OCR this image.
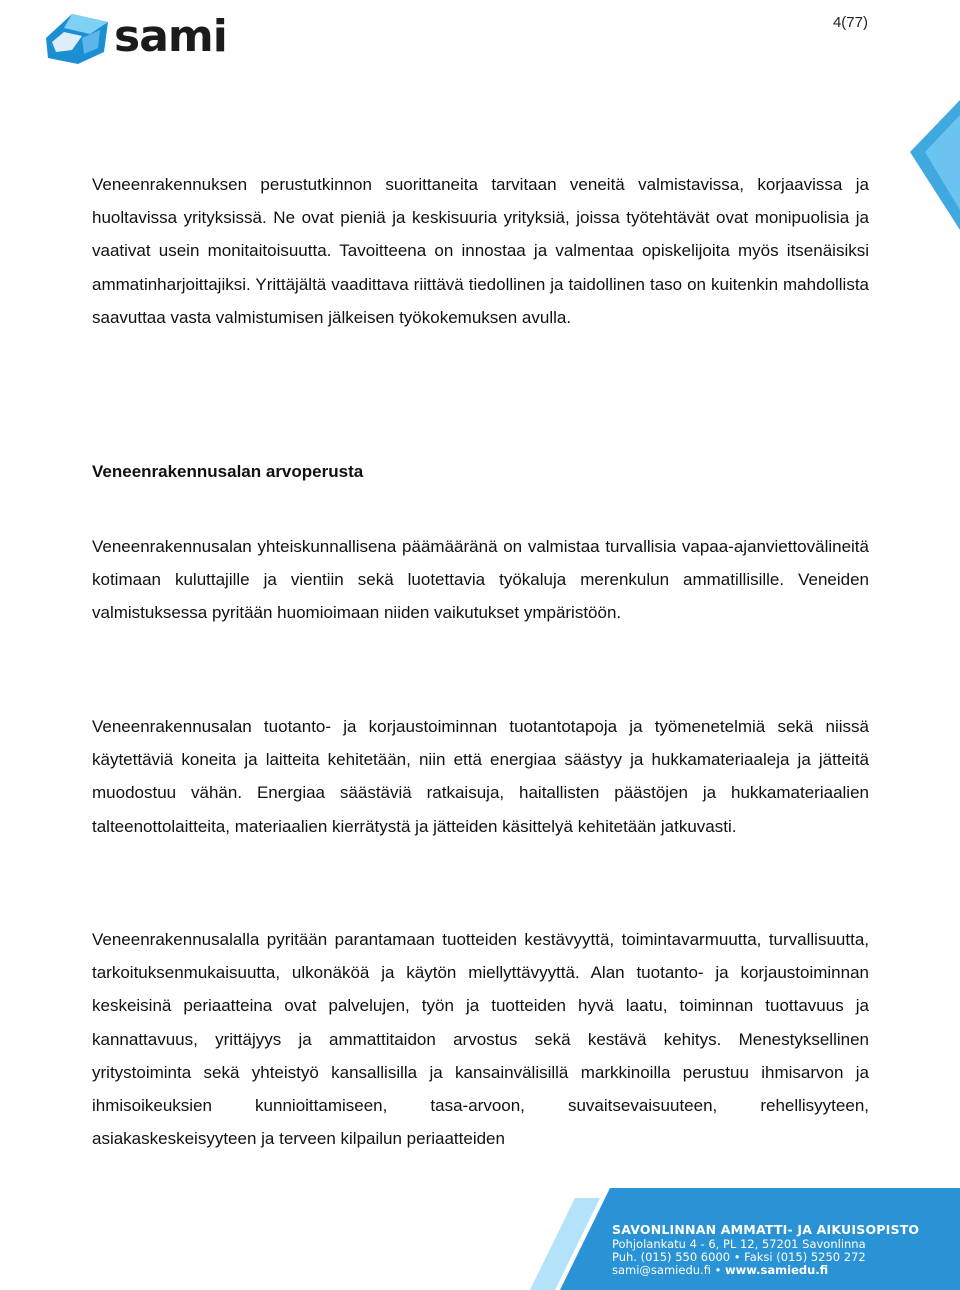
sami	4(77)

Veneenrakennuksen perustutkinnon suorittaneita tarvitaan veneitä valmistavissa, korjaavissa ja huoltavissa yrityksissä. Ne ovat pieniä ja keskisuuria yrityksiä, joissa työtehtävät ovat monipuolisia ja vaativat usein monitaitoisuutta. Tavoitteena on innostaa ja valmentaa opiskelijoita myös itsenäisiksi ammatinharjoittajiksi. Yrittäjältä vaadittava riittävä tiedollinen ja taidollinen taso on kuitenkin mahdollista saavuttaa vasta valmistumisen jälkeisen työkokemuksen avulla.

Veneenrakennusalan arvoperusta

Veneenrakennusalan yhteiskunnallisena päämääränä on valmistaa turvallisia vapaa-ajanviettovälineitä kotimaan kuluttajille ja vientiin sekä luotettavia työkaluja merenkulun ammatillisille. Veneiden valmistuksessa pyritään huomioimaan niiden vaikutukset ympäristöön.

Veneenrakennusalan tuotanto- ja korjaustoiminnan tuotantotapoja ja työmenetelmiä sekä niissä käytettäviä koneita ja laitteita kehitetään, niin että energiaa säästyy ja hukkamateriaaleja ja jätteitä muodostuu vähän. Energiaa säästäviä ratkaisuja, haitallisten päästöjen ja hukkamateriaalien talteenottolaitteita, materiaalien kierrätystä ja jätteiden käsittelyä kehitetään jatkuvasti.

Veneenrakennusalalla pyritään parantamaan tuotteiden kestävyyttä, toimintavarmuutta, turvallisuutta, tarkoituksenmukaisuutta, ulkonäköä ja käytön miellyttävyyttä. Alan tuotanto- ja korjaustoiminnan keskeisinä periaatteina ovat palvelujen, työn ja tuotteiden hyvä laatu, toiminnan tuottavuus ja kannattavuus, yrittäjyys ja ammattitaidon arvostus sekä kestävä kehitys. Menestyksellinen yritystoiminta sekä yhteistyö kansallisilla ja kansainvälisillä markkinoilla perustuu ihmisarvon ja ihmisoikeuksien kunnioittamiseen, tasa-arvoon, suvaitsevaisuuteen, rehellisyyteen, asiakaskeskeisyyteen ja terveen kilpailun periaatteiden

SAVONLINNAN AMMATTI- JA AIKUISOPISTO
Pohjolankatu 4 - 6, PL 12, 57201 Savonlinna
Puh. (015) 550 6000 • Faksi (015) 5250 272
sami@samiedu.fi • www.samiedu.fi
